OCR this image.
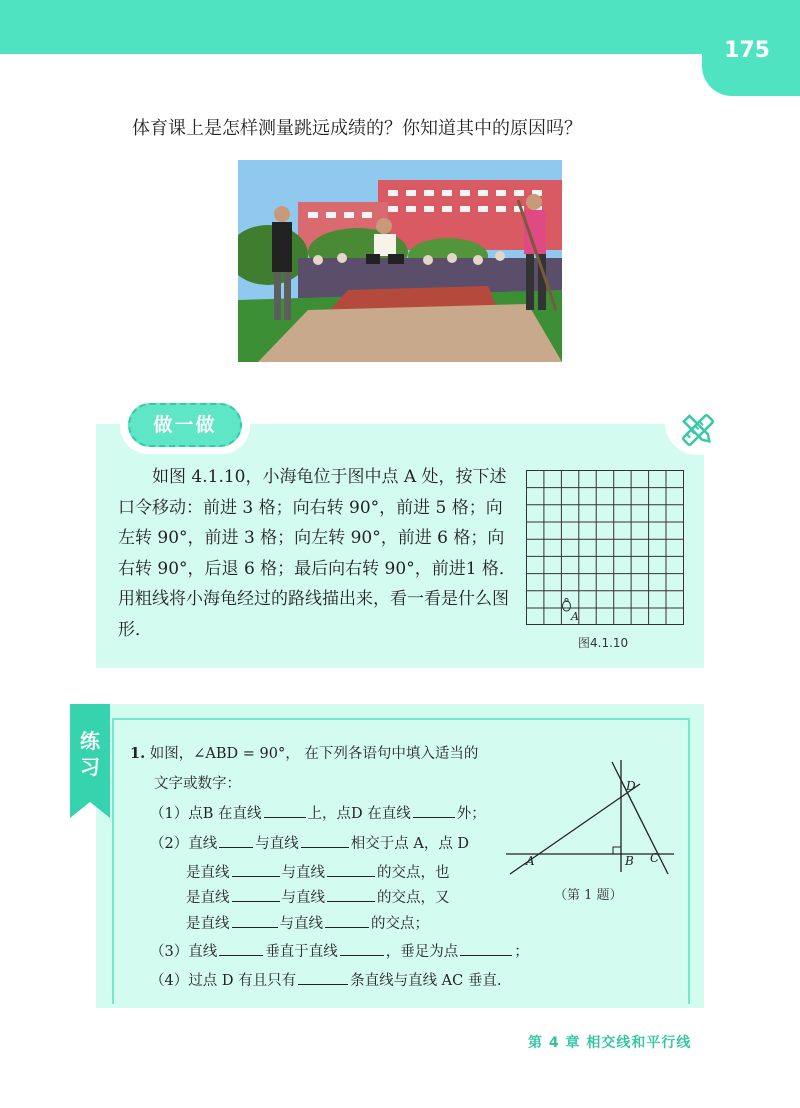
175
体育课上是怎样测量跳远成绩的？你知道其中的原因吗？
做一做

如图 4.1.10，小海龟位于图中点 A 处，按下述口令移动：前进 3 格；向右转 90°，前进 5 格；向左转 90°，前进 3 格；向左转 90°，前进 6 格；向右转 90°，后退 6 格；最后向右转 90°，前进1 格．用粗线将小海龟经过的路线描出来，看一看是什么图形．

A
图4.1.10
练
习
1. 如图，∠ABD = 90°， 在下列各语句中填入适当的
文字或数字：
（1）点B 在直线	上，点D 在直线	外；
（2）直线	与直线	相交于点 A，点 D
是直线	与直线	的交点，也
是直线	与直线	的交点，又
是直线	与直线	的交点；
（3）直线	垂直于直线	，垂足为点	；
（4）过点 D 有且只有	条直线与直线 AC 垂直.
A	B C
D
（第 1 题）
第 4 章 相交线和平行线
